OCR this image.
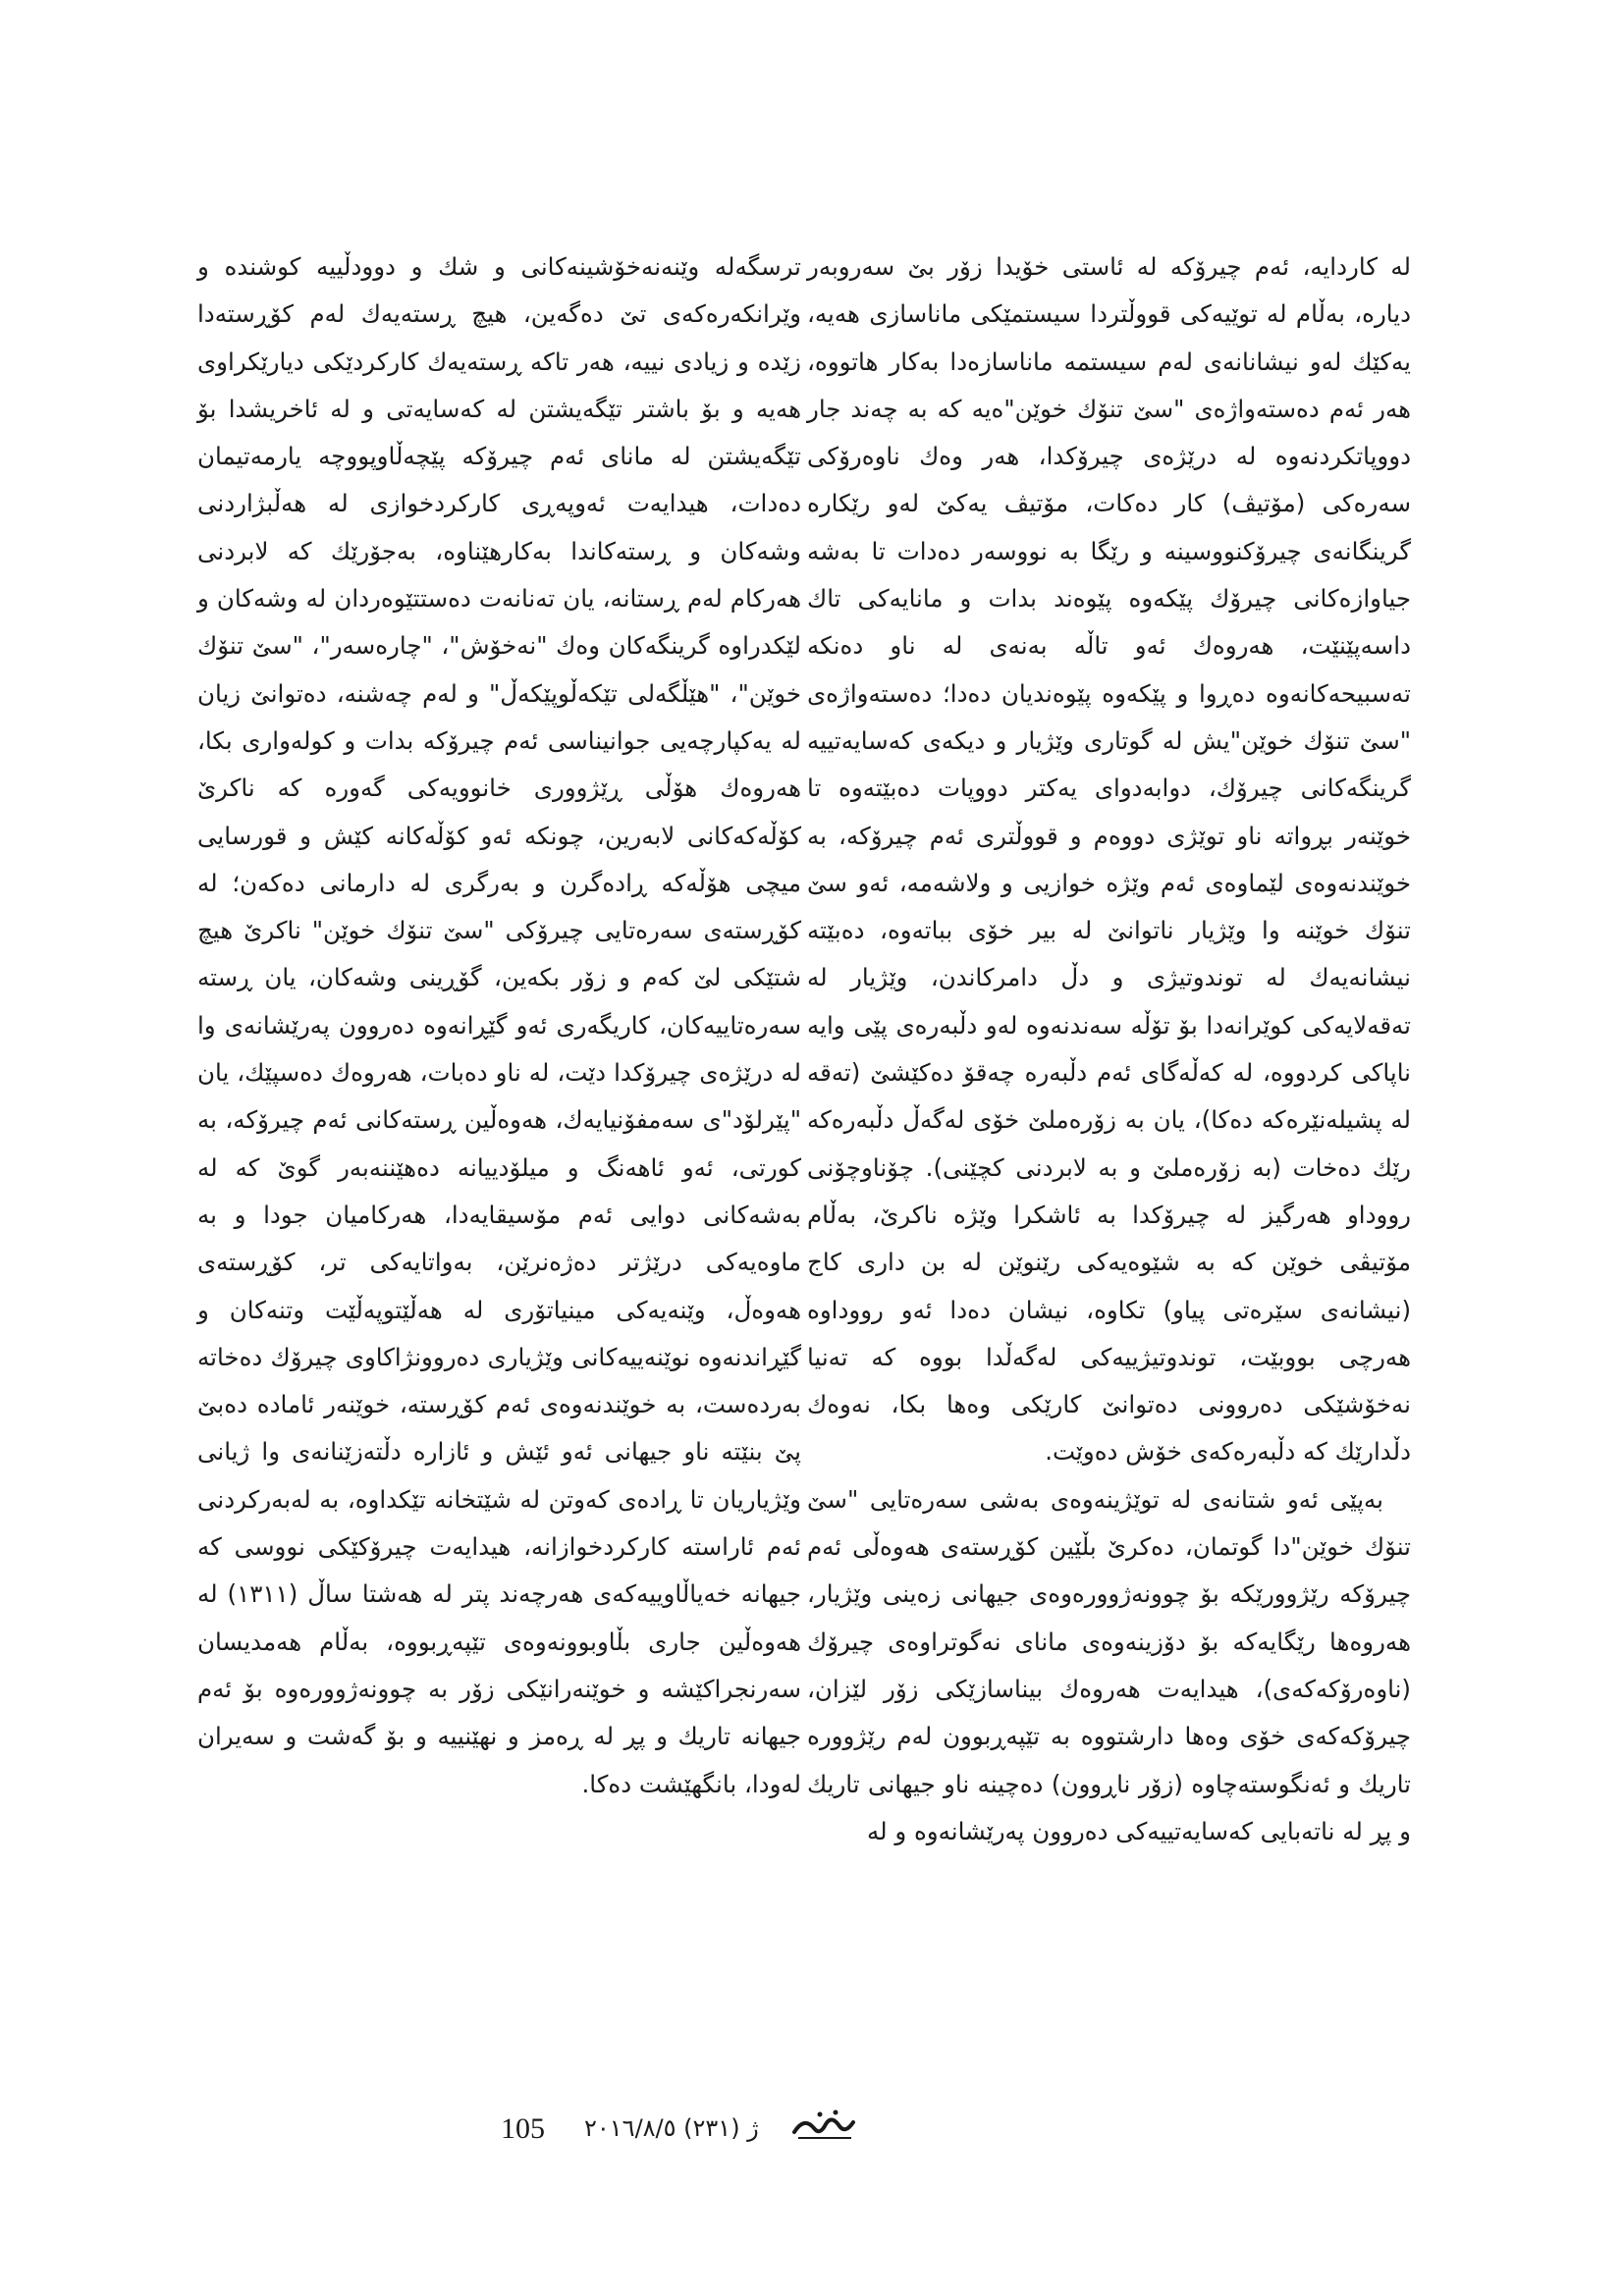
له كاردايه، ئەم چيرۆكه له ئاستی خۆيدا زۆر بێ سەروبەر ديارە، بەڵام لە توێيەكی قووڵتردا سيستمێكی ماناسازی هەيه، يەكێك لەو نيشانانەی لەم سيستمە ماناسازەدا بەكار هاتووە، هەر ئەم دەستەواژەی "سێ تنۆك خوێن"ەيە كە بە چەند جار دووپاتكردنەوە لە درێژەی چيرۆكدا، هەر وەك ناوەرۆكی سەرەكی (مۆتيڤ) كار دەكات، مۆتيڤ يەكێ لەو رێكارە گرينگانەی چيرۆكنووسينە و رێگا بە نووسەر دەدات تا بەشە جياوازەكانی چيرۆك پێكەوە پێوەند بدات و مانايەكی تاك داسەپێنێت، هەروەك ئەو تاڵە بەنەی لە ناو دەنكە تەسبيحەكانەوە دەڕوا و پێكەوە پێوەنديان دەدا؛ دەستەواژەی "سێ تنۆك خوێن"يش لە گوتاری وێژيار و ديكەی كەسايەتييە گرينگەكانی چيرۆك، دوابەدوای يەكتر دووپات دەبێتەوە تا خوێنەر بڕواتە ناو توێژی دووەم و قووڵتری ئەم چيرۆكە، بە خوێندنەوەی لێماوەی ئەم وێژە خوازيی و ولاشەمە، ئەو سێ تنۆك خوێنە وا وێژيار ناتوانێ لە بير خۆی بباتەوە، دەبێتە نيشانەيەك لە توندوتيژی و دڵ دامركاندن، وێژيار لە تەقەلايەكی كوێرانەدا بۆ تۆڵە سەندنەوە لەو دڵبەرەی پێی وايە ناپاكی كردووە، لە كەڵەگای ئەم دڵبەرە چەقۆ دەكێشێ (تەقە لە پشيلەنێرەكە دەكا)، يان بە زۆرەملێ خۆی لەگەڵ دڵبەرەكە رێك دەخات (بە زۆرەملێ و بە لابردنی كچێنی). چۆناوچۆنی رووداو هەرگيز لە چيرۆكدا بە ئاشكرا وێژە ناكرێ، بەڵام مۆتيڤی خوێن كە بە شێوەيەكی رێنوێن لە بن داری كاج (نيشانەی سێرەتی پياو) تكاوە، نيشان دەدا ئەو رووداوە هەرچی بووبێت، توندوتيژييەكی لەگەڵدا بووە كە تەنيا نەخۆشێكی دەروونی دەتوانێ كارێكی وەها بكا، نەوەك دڵدارێك كە دڵبەرەكەی خۆش دەوێت.

بەپێی ئەو شتانەی لە توێژينەوەی بەشی سەرەتايی "سێ تنۆك خوێن"دا گوتمان، دەكرێ بڵێين كۆڕستەی هەوەڵی ئەم چيرۆكە رێژوورێكە بۆ چوونەژوورەوەی جيهانی زەينی وێژيار، هەروەها رێگايەكە بۆ دۆزينەوەی مانای نەگوتراوەی چيرۆك (ناوەرۆكەكەی)، هيدايەت هەروەك بيناسازێكی زۆر لێزان، چيرۆكەكەی خۆی وەها دارشتووە بە تێپەڕبوون لەم رێژوورە تاريك و ئەنگوستەچاوە (زۆر ناڕوون) دەچينە ناو جيهانی تاريك و پڕ لە ناتەبايی كەسايەتييەكی دەروون پەرێشانەوە و له

ترسگەلە وێنەنەخۆشينەكانی و شك و دوودڵييە كوشندە و وێرانكەرەكەی تێ دەگەين، هيچ ڕستەيەك لەم كۆڕستەدا زێدە و زيادی نييە، هەر تاكە ڕستەيەك كاركردێكی ديارێكراوی هەيە و بۆ باشتر تێگەيشتن لە كەسايەتی و لە ئاخريشدا بۆ تێگەيشتن لە مانای ئەم چيرۆكە پێچەڵاوپووچە يارمەتيمان دەدات، هيدايەت ئەوپەڕی كاركردخوازی لە هەڵبژاردنی وشەكان و ڕستەكاندا بەكارهێناوە، بەجۆرێك كە لابردنی هەركام لەم ڕستانە، يان تەنانەت دەستتێوەردان لە وشەكان و لێكدراوە گرينگەكان وەك "نەخۆش"، "چارەسەر"، "سێ تنۆك خوێن"، "هێڵگەلی تێكەڵوپێكەڵ" و لەم چەشنە، دەتوانێ زيان لە يەكپارچەيی جوانيناسی ئەم چيرۆكە بدات و كولەواری بكا، هەروەك هۆڵی ڕێژووری خانوويەكی گەورە كە ناكرێ كۆڵەكەكانی لابەرين، چونكە ئەو كۆڵەكانە كێش و قورسايی ميچی هۆڵەكە ڕادەگرن و بەرگری لە دارمانی دەكەن؛ لە كۆڕستەی سەرەتايی چيرۆكی "سێ تنۆك خوێن" ناكرێ هيچ شتێكی لێ كەم و زۆر بكەين، گۆڕينی وشەكان، يان ڕستە سەرەتاييەكان، كاريگەری ئەو گێڕانەوە دەروون پەرێشانەی وا لە درێژەی چيرۆكدا دێت، لە ناو دەبات، هەروەك دەسپێك، يان "پێرلۆد"ی سەمفۆنيايەك، هەوەڵين ڕستەكانی ئەم چيرۆكە، بە كورتی، ئەو ئاهەنگ و ميلۆدييانە دەهێننەبەر گوێ كە لە بەشەكانی دوايی ئەم مۆسيقايەدا، هەركاميان جودا و بە ماوەيەكی درێژتر دەژەنرێن، بەواتايەكی تر، كۆڕستەی هەوەڵ، وێنەيەكی مينياتۆری لە هەڵێتوپەڵێت وتنەكان و گێڕاندنەوە نوێنەييەكانی وێژياری دەروونژاكاوی چيرۆك دەخاتە بەردەست، بە خوێندنەوەی ئەم كۆڕستە، خوێنەر ئامادە دەبێ پێ بنێتە ناو جيهانی ئەو ئێش و ئازارە دڵتەزێنانەی وا ژيانی وێژياريان تا ڕادەی كەوتن لە شێتخانە تێكداوە، بە لەبەركردنی ئەم ئاراستە كاركردخوازانە، هيدايەت چيرۆكێكی نووسی كە جيهانە خەياڵاوييەكەی هەرچەند پتر لە هەشتا ساڵ (١٣١١) لە هەوەڵين جاری بڵاوبوونەوەی تێپەڕبووە، بەڵام هەمديسان سەرنجراكێشە و خوێنەرانێكی زۆر بە چوونەژوورەوە بۆ ئەم جيهانە تاريك و پڕ لە ڕەمز و نهێنييە و بۆ گەشت و سەيران لەودا، بانگهێشت دەكا.

105 ژ (٢٣١) ٢٠١٦/٨/٥
